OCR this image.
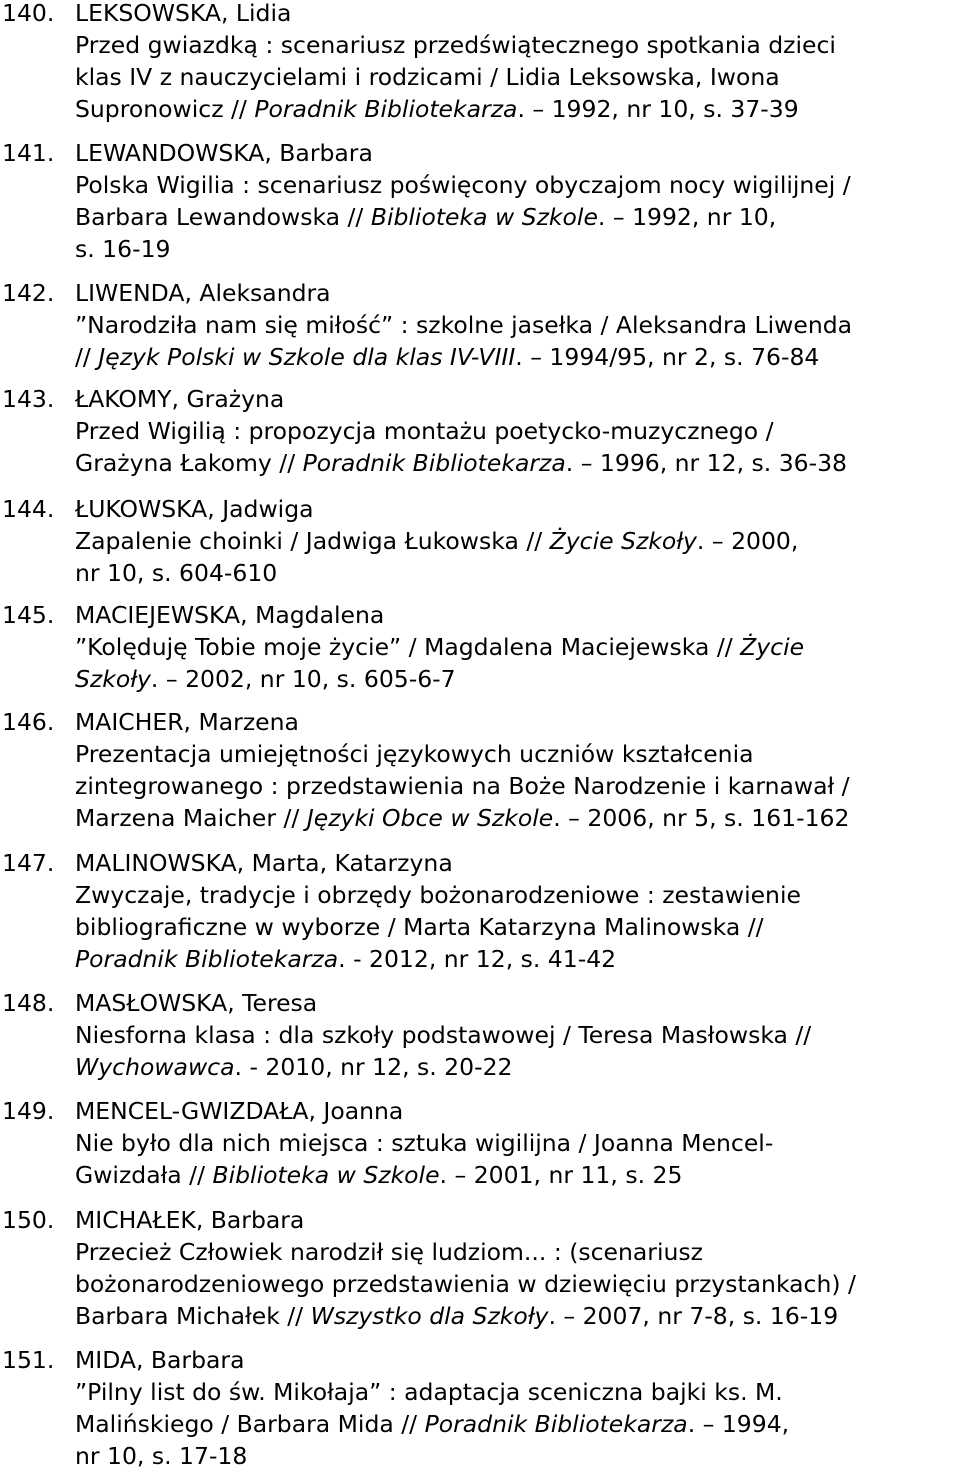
140. LEKSOWSKA, Lidia
Przed gwiazdką : scenariusz przedświątecznego spotkania dzieci
klas IV z nauczycielami i rodzicami / Lidia Leksowska, Iwona
Supronowicz // Poradnik Bibliotekarza. – 1992, nr 10, s. 37-39
141. LEWANDOWSKA, Barbara
Polska Wigilia : scenariusz poświęcony obyczajom nocy wigilijnej /
Barbara Lewandowska // Biblioteka w Szkole. – 1992, nr 10,
s. 16-19
142. LIWENDA, Aleksandra
”Narodziła nam się miłość” : szkolne jasełka / Aleksandra Liwenda
// Język Polski w Szkole dla klas IV-VIII. – 1994/95, nr 2, s. 76-84
143. ŁAKOMY, Grażyna
Przed Wigilią : propozycja montażu poetycko-muzycznego /
Grażyna Łakomy // Poradnik Bibliotekarza. – 1996, nr 12, s. 36-38
144. ŁUKOWSKA, Jadwiga
Zapalenie choinki / Jadwiga Łukowska // Życie Szkoły. – 2000,
nr 10, s. 604-610
145. MACIEJEWSKA, Magdalena
”Kolęduję Tobie moje życie” / Magdalena Maciejewska // Życie
Szkoły. – 2002, nr 10, s. 605-6-7
146. MAICHER, Marzena
Prezentacja umiejętności językowych uczniów kształcenia
zintegrowanego : przedstawienia na Boże Narodzenie i karnawał /
Marzena Maicher // Języki Obce w Szkole. – 2006, nr 5, s. 161-162
147. MALINOWSKA, Marta, Katarzyna
Zwyczaje, tradycje i obrzędy bożonarodzeniowe : zestawienie
bibliograficzne w wyborze / Marta Katarzyna Malinowska //
Poradnik Bibliotekarza. - 2012, nr 12, s. 41-42
148. MASŁOWSKA, Teresa
Niesforna klasa : dla szkoły podstawowej / Teresa Masłowska //
Wychowawca. - 2010, nr 12, s. 20-22
149. MENCEL-GWIZDAŁA, Joanna
Nie było dla nich miejsca : sztuka wigilijna / Joanna Mencel-
Gwizdała // Biblioteka w Szkole. – 2001, nr 11, s. 25
150. MICHAŁEK, Barbara
Przecież Człowiek narodził się ludziom... : (scenariusz
bożonarodzeniowego przedstawienia w dziewięciu przystankach) /
Barbara Michałek // Wszystko dla Szkoły. – 2007, nr 7-8, s. 16-19
151. MIDA, Barbara
”Pilny list do św. Mikołaja” : adaptacja sceniczna bajki ks. M.
Malińskiego / Barbara Mida // Poradnik Bibliotekarza. – 1994,
nr 10, s. 17-18
